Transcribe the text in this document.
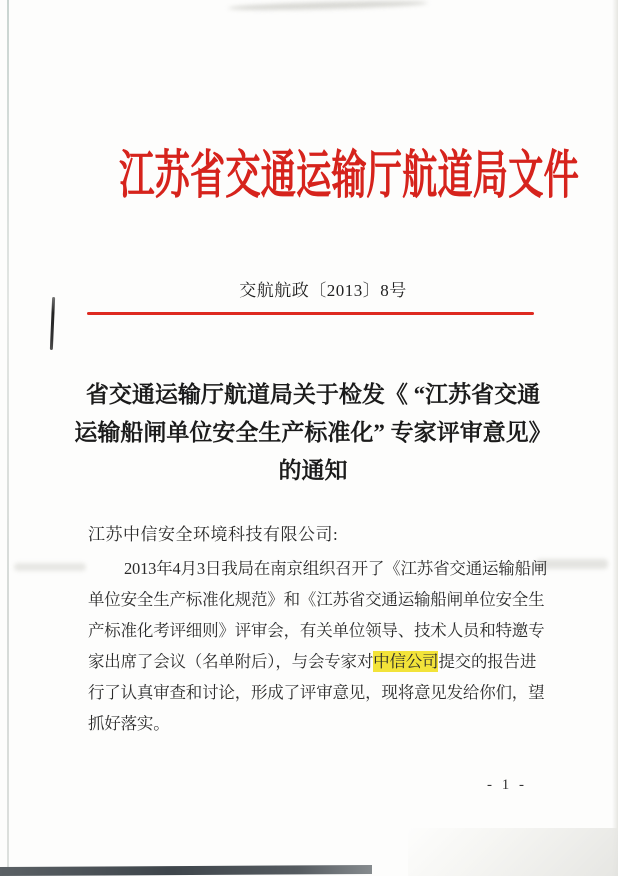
江苏省交通运输厅航道局文件
交航航政〔2013〕8号
省交通运输厅航道局关于检发《 “江苏省交通
运输船闸单位安全生产标准化” 专家评审意见》
的通知
江苏中信安全环境科技有限公司:
2013年4月3日我局在南京组织召开了《江苏省交通运输船闸
单位安全生产标准化规范》和《江苏省交通运输船闸单位安全生
产标准化考评细则》评审会，有关单位领导、技术人员和特邀专
家出席了会议（名单附后），与会专家对中信公司提交的报告进
行了认真审查和讨论，形成了评审意见，现将意见发给你们，望
抓好落实。
- 1 -
